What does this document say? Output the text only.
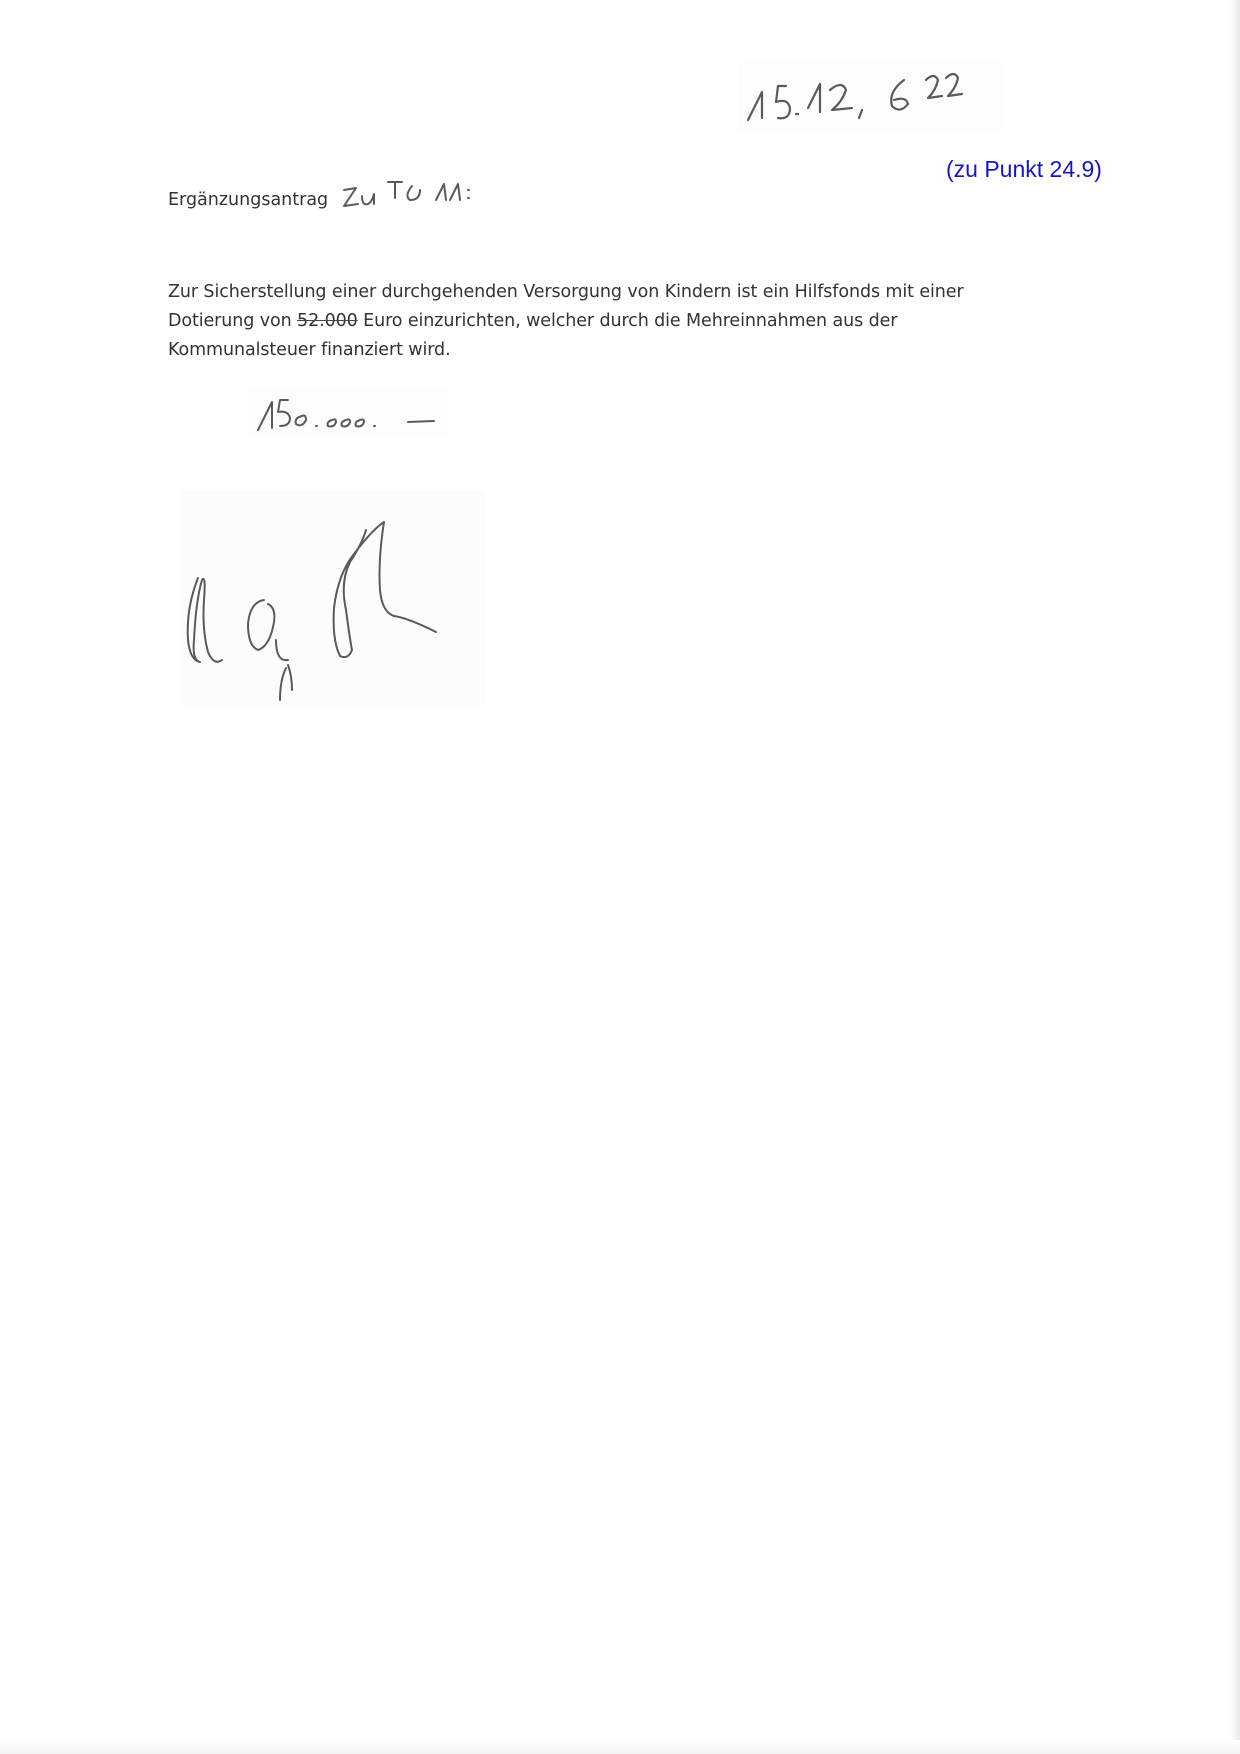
(zu Punkt 24.9)
Ergänzungsantrag
Zur Sicherstellung einer durchgehenden Versorgung von Kindern ist ein Hilfsfonds mit einer
Dotierung von 52.000 Euro einzurichten, welcher durch die Mehreinnahmen aus der
Kommunalsteuer finanziert wird.
